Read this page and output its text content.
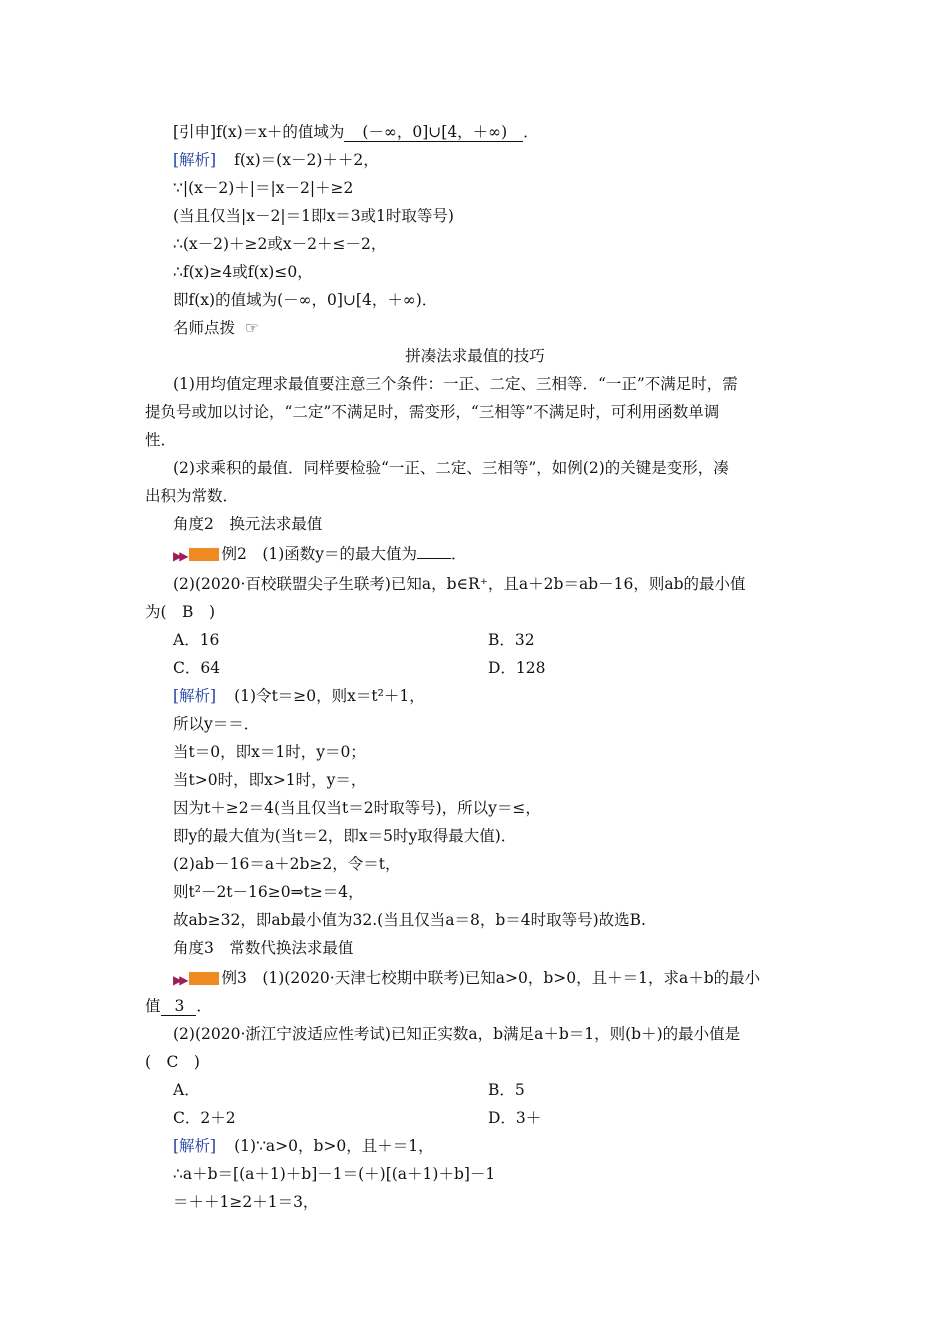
[引申]f(x)＝x＋的值域为 (－∞，0]∪[4，＋∞) ．
[解析] f(x)＝(x－2)＋＋2，
∵|(x－2)＋|＝|x－2|＋≥2
(当且仅当|x－2|＝1即x＝3或1时取等号)
∴(x－2)＋≥2或x－2＋≤－2，
∴f(x)≥4或f(x)≤0，
即f(x)的值域为(－∞，0]∪[4，＋∞)．
名师点拨 ☞
拼凑法求最值的技巧
(1)用均值定理求最值要注意三个条件：一正、二定、三相等．“一正”不满足时，需
提负号或加以讨论，“二定”不满足时，需变形，“三相等”不满足时，可利用函数单调
性．
(2)求乘积的最值．同样要检验“一正、二定、三相等”，如例(2)的关键是变形，凑
出积为常数．
角度2　换元法求最值
▶▶ 例2　(1)函数y＝的最大值为 ．
(2)(2020·百校联盟尖子生联考)已知a，b∈R⁺，且a＋2b＝ab－16，则ab的最小值
为(　B　)
A．16	B．32
C．64	D．128
[解析] (1)令t＝≥0，则x＝t²＋1，
所以y＝＝．
当t＝0，即x＝1时，y＝0；
当t>0时，即x>1时，y＝，
因为t＋≥2＝4(当且仅当t＝2时取等号)，所以y＝≤，
即y的最大值为(当t＝2，即x＝5时y取得最大值)．
(2)ab－16＝a＋2b≥2，令＝t，
则t²－2t－16≥0⇒t≥＝4，
故ab≥32，即ab最小值为32.(当且仅当a＝8，b＝4时取等号)故选B.
角度3　常数代换法求最值
▶▶ 例3　(1)(2020·天津七校期中联考)已知a>0，b>0，且＋＝1，求a＋b的最小
值 3 ．
(2)(2020·浙江宁波适应性考试)已知正实数a，b满足a＋b＝1，则(b＋)的最小值是
(　C　)
A．	B．5
C．2＋2	D．3＋
[解析] (1)∵a>0，b>0，且＋＝1，
∴a＋b＝[(a＋1)＋b]－1＝(＋)[(a＋1)＋b]－1
＝＋＋1≥2＋1＝3，
